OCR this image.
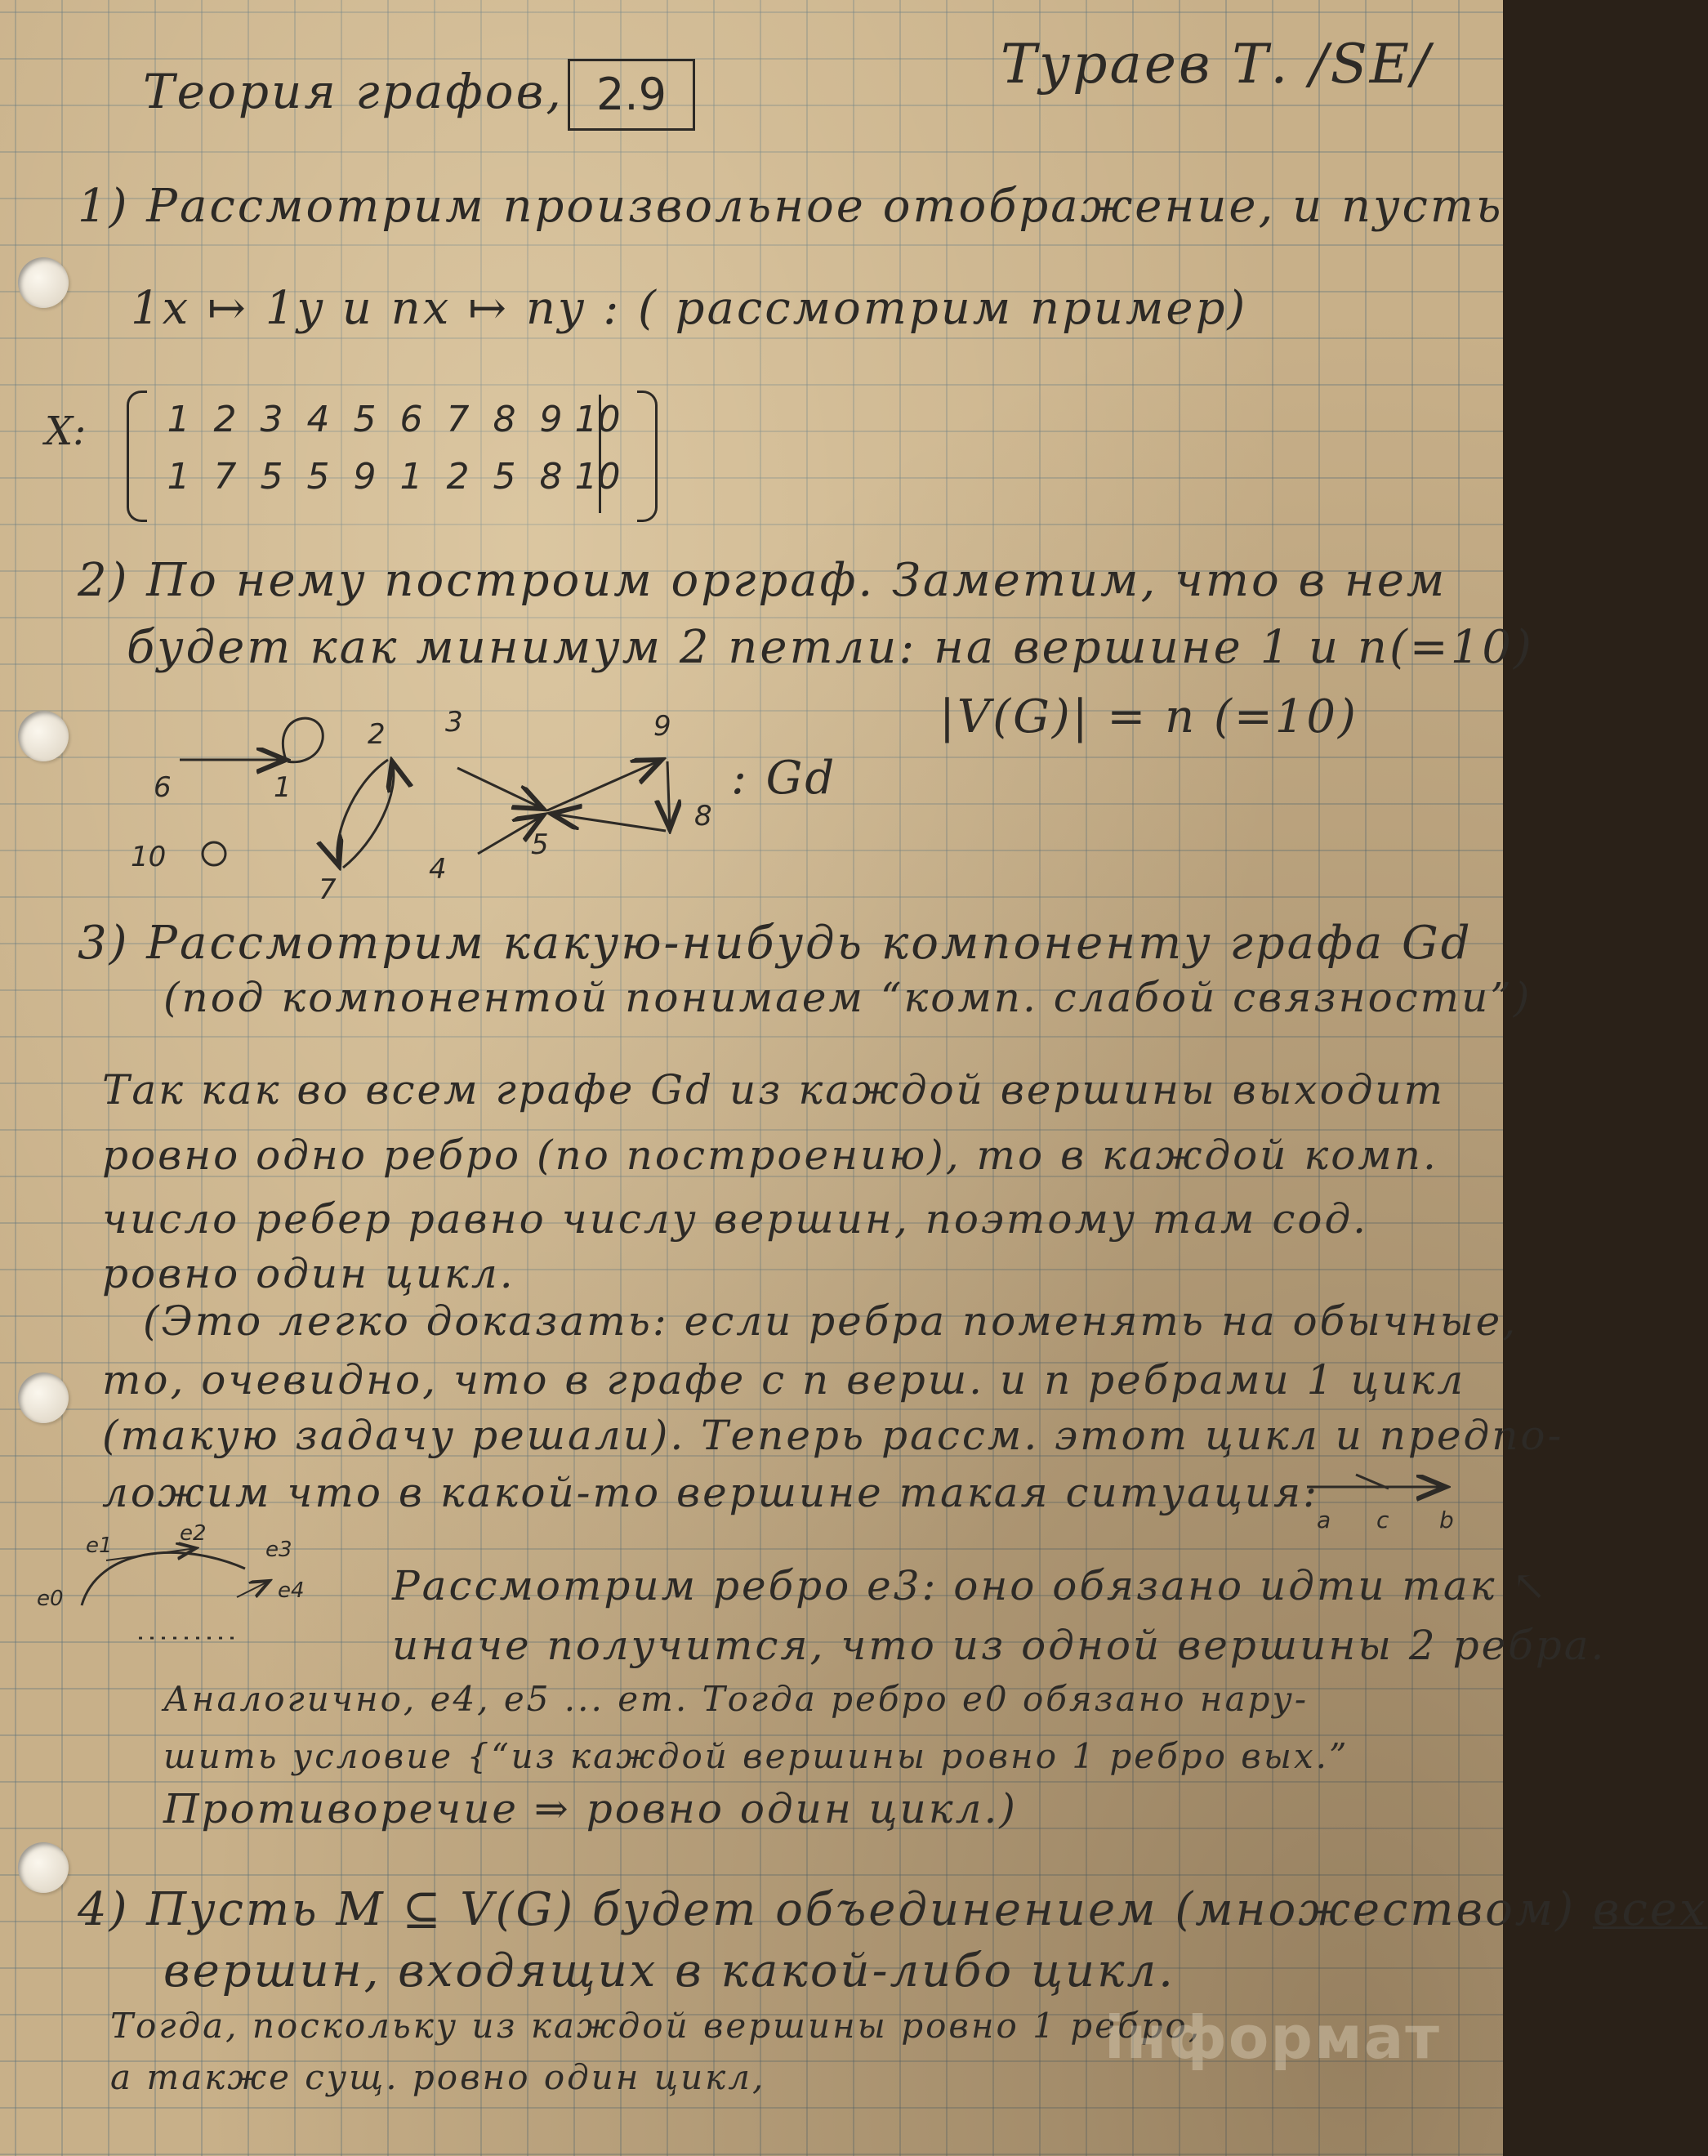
Теория графов, 2.9	Тураев Т. /SE/
1) Рассмотрим произвольное отображение, и пусть
1x ↦ 1y и nx ↦ ny : ( рассмотрим пример)
X:	1 2 3 4 5 6 7 8 9 10
1 7 5 5 9 1 2 5 8 10
2) По нему построим орграф. Заметим, что в нем
будет как минимум 2 петли: на вершине 1 и n(=10)
|V(G)| = n (=10)
1
2 3
4
5
6
7
8
9
10
: Gd
3) Рассмотрим какую-нибудь компоненту графа Gd
(под компонентой понимаем “комп. слабой связности”)
Так как во всем графе Gd из каждой вершины выходит
ровно одно ребро (по построению), то в каждой комп.
число ребер равно числу вершин, поэтому там сод.
ровно один цикл.
(Это легко доказать: если ребра поменять на обычные,
то, очевидно, что в графе с n верш. и n ребрами 1 цикл
(такую задачу решали). Теперь рассм. этот цикл и предпо-
ложим что в какой-то вершине такая ситуация:
a c b
e1	e2
e3
e4
e0	Рассмотрим ребро e3: оно обязано идти так ↖
иначе получится, что из одной вершины 2 ребра.
Аналогично, e4, e5 ... em. Тогда ребро e0 обязано нару-
шить условие {“из каждой вершины ровно 1 ребро вых.”
Противоречие ⇒ ровно один цикл.)
4) Пусть M ⊆ V(G) будет объединением (множеством) всех
вершин, входящих в какой-либо цикл.
Тогда, поскольку из каждой вершины ровно 1 ребро,
а также сущ. ровно один цикл,
інформат
